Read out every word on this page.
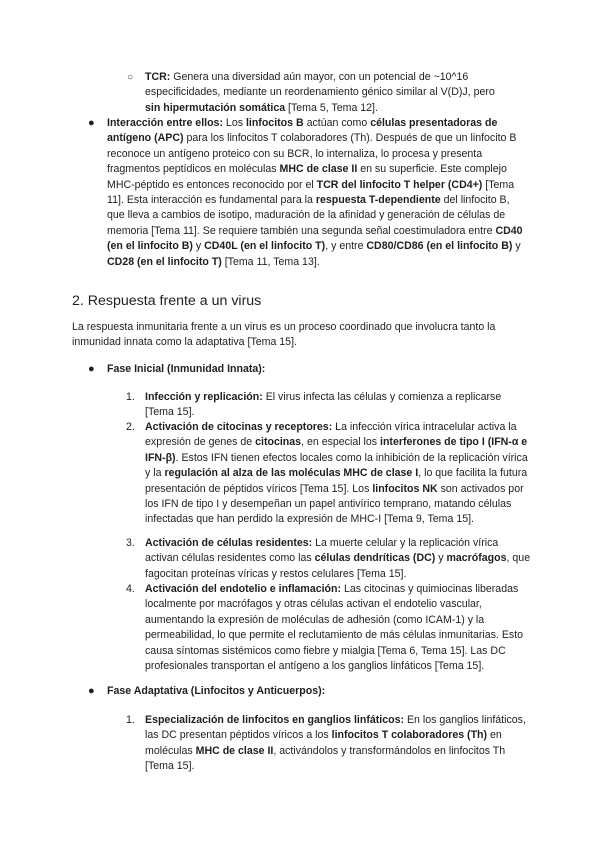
○ TCR: Genera una diversidad aún mayor, con un potencial de ~10^16 especificidades, mediante un reordenamiento génico similar al V(D)J, pero sin hipermutación somática [Tema 5, Tema 12].

● Interacción entre ellos: Los linfocitos B actúan como células presentadoras de antígeno (APC) para los linfocitos T colaboradores (Th). Después de que un linfocito B reconoce un antígeno proteico con su BCR, lo internaliza, lo procesa y presenta fragmentos peptídicos en moléculas MHC de clase II en su superficie. Este complejo MHC-péptido es entonces reconocido por el TCR del linfocito T helper (CD4+) [Tema 11]. Esta interacción es fundamental para la respuesta T-dependiente del linfocito B, que lleva a cambios de isotipo, maduración de la afinidad y generación de células de memoria [Tema 11]. Se requiere también una segunda señal coestimuladora entre CD40 (en el linfocito B) y CD40L (en el linfocito T), y entre CD80/CD86 (en el linfocito B) y CD28 (en el linfocito T) [Tema 11, Tema 13].

2. Respuesta frente a un virus

La respuesta inmunitaria frente a un virus es un proceso coordinado que involucra tanto la inmunidad innata como la adaptativa [Tema 15].

● Fase Inicial (Inmunidad Innata):

1. Infección y replicación: El virus infecta las células y comienza a replicarse [Tema 15].

2. Activación de citocinas y receptores: La infección vírica intracelular activa la expresión de genes de citocinas, en especial los interferones de tipo I (IFN-α e IFN-β). Estos IFN tienen efectos locales como la inhibición de la replicación vírica y la regulación al alza de las moléculas MHC de clase I, lo que facilita la futura presentación de péptidos víricos [Tema 15]. Los linfocitos NK son activados por los IFN de tipo I y desempeñan un papel antivírico temprano, matando células infectadas que han perdido la expresión de MHC-I [Tema 9, Tema 15].

3. Activación de células residentes: La muerte celular y la replicación vírica activan células residentes como las células dendríticas (DC) y macrófagos, que fagocitan proteínas víricas y restos celulares [Tema 15].

4. Activación del endotelio e inflamación: Las citocinas y quimiocinas liberadas localmente por macrófagos y otras células activan el endotelio vascular, aumentando la expresión de moléculas de adhesión (como ICAM-1) y la permeabilidad, lo que permite el reclutamiento de más células inmunitarias. Esto causa síntomas sistémicos como fiebre y mialgia [Tema 6, Tema 15]. Las DC profesionales transportan el antígeno a los ganglios linfáticos [Tema 15].

● Fase Adaptativa (Linfocitos y Anticuerpos):

1. Especialización de linfocitos en ganglios linfáticos: En los ganglios linfáticos, las DC presentan péptidos víricos a los linfocitos T colaboradores (Th) en moléculas MHC de clase II, activándolos y transformándolos en linfocitos Th [Tema 15].
